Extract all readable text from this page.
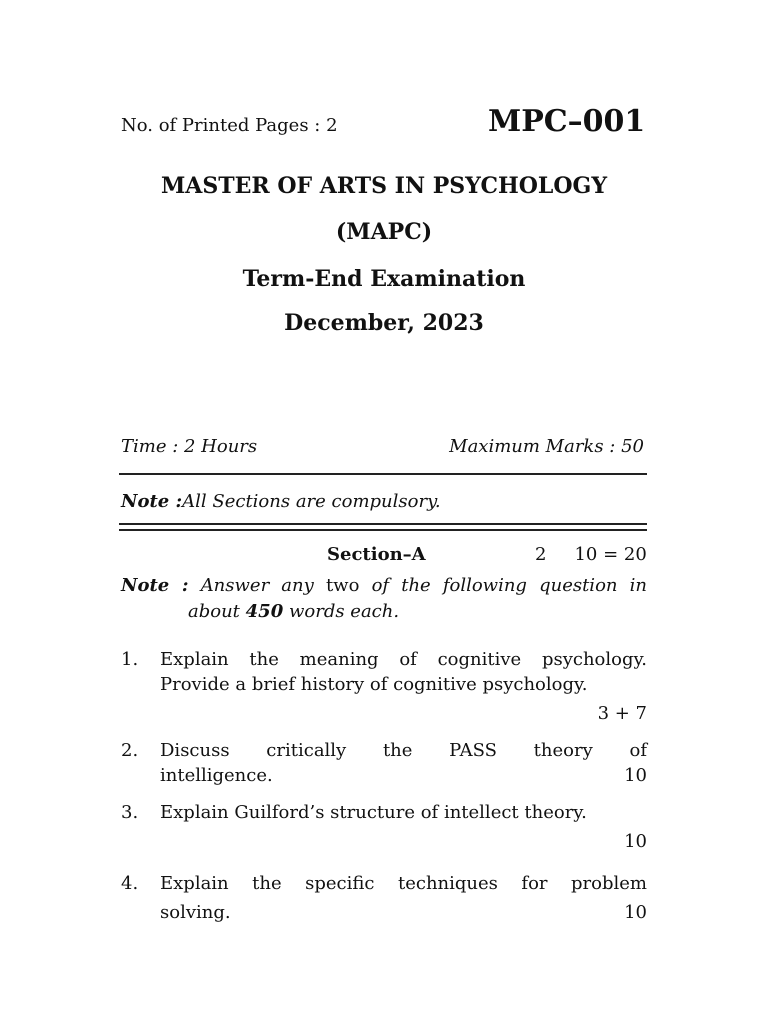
No. of Printed Pages : 2	MPC–001
MASTER OF ARTS IN PSYCHOLOGY
(MAPC)
Term-End Examination
December, 2023
Time : 2 Hours	Maximum Marks : 50
Note :All Sections are compulsory.
Section–A	2 10 = 20
Note : Answer any two of the following question in
about 450 words each.
1. Explain the meaning of cognitive psychology.
Provide a brief history of cognitive psychology.
3 + 7
2. Discuss critically the PASS theory of
intelligence.	10
3. Explain Guilford’s structure of intellect theory.
10
4. Explain the specific techniques for problem
solving.	10
